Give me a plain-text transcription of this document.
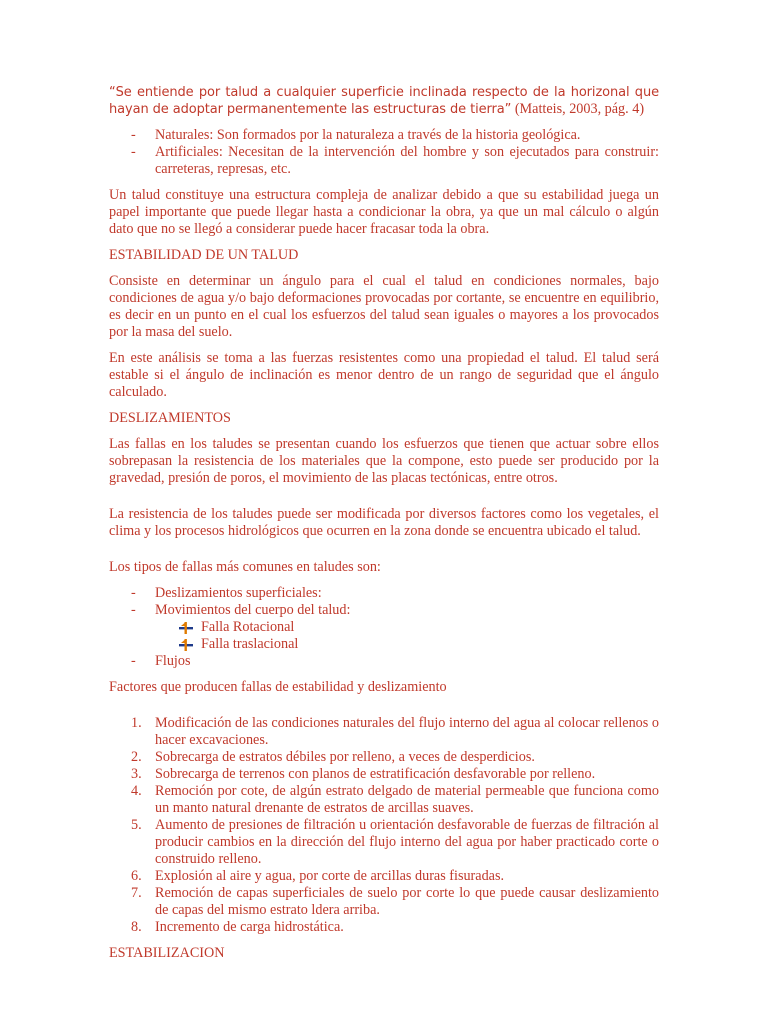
“Se entiende por talud a cualquier superficie inclinada respecto de la horizonal que hayan de adoptar permanentemente las estructuras de tierra” (Matteis, 2003, pág. 4)

- Naturales: Son formados por la naturaleza a través de la historia geológica.
- Artificiales: Necesitan de la intervención del hombre y son ejecutados para construir: carreteras, represas, etc.

Un talud constituye una estructura compleja de analizar debido a que su estabilidad juega un papel importante que puede llegar hasta a condicionar la obra, ya que un mal cálculo o algún dato que no se llegó a considerar puede hacer fracasar toda la obra.

ESTABILIDAD DE UN TALUD

Consiste en determinar un ángulo para el cual el talud en condiciones normales, bajo condiciones de agua y/o bajo deformaciones provocadas por cortante, se encuentre en equilibrio, es decir en un punto en el cual los esfuerzos del talud sean iguales o mayores a los provocados por la masa del suelo.

En este análisis se toma a las fuerzas resistentes como una propiedad el talud. El talud será estable si el ángulo de inclinación es menor dentro de un rango de seguridad que el ángulo calculado.

DESLIZAMIENTOS

Las fallas en los taludes se presentan cuando los esfuerzos que tienen que actuar sobre ellos sobrepasan la resistencia de los materiales que la compone, esto puede ser producido por la gravedad, presión de poros, el movimiento de las placas tectónicas, entre otros.

La resistencia de los taludes puede ser modificada por diversos factores como los vegetales, el clima y los procesos hidrológicos que ocurren en la zona donde se encuentra ubicado el talud.

Los tipos de fallas más comunes en taludes son:

- Deslizamientos superficiales:
- Movimientos del cuerpo del talud:
Falla Rotacional
Falla traslacional
- Flujos

Factores que producen fallas de estabilidad y deslizamiento

1. Modificación de las condiciones naturales del flujo interno del agua al colocar rellenos o hacer excavaciones.
2. Sobrecarga de estratos débiles por relleno, a veces de desperdicios.
3. Sobrecarga de terrenos con planos de estratificación desfavorable por relleno.
4. Remoción por cote, de algún estrato delgado de material permeable que funciona como un manto natural drenante de estratos de arcillas suaves.
5. Aumento de presiones de filtración u orientación desfavorable de fuerzas de filtración al producir cambios en la dirección del flujo interno del agua por haber practicado corte o construido relleno.
6. Explosión al aire y agua, por corte de arcillas duras fisuradas.
7. Remoción de capas superficiales de suelo por corte lo que puede causar deslizamiento de capas del mismo estrato ldera arriba.
8. Incremento de carga hidrostática.

ESTABILIZACION
